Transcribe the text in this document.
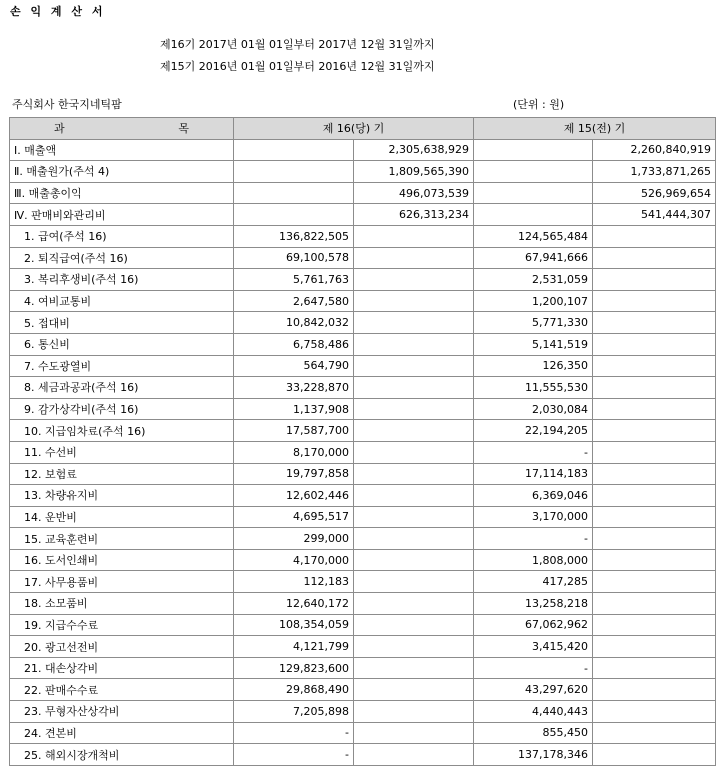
손 익 계 산 서
제16기 2017년 01월 01일부터 2017년 12월 31일까지
제15기 2016년 01월 01일부터 2016년 12월 31일까지
주식회사 한국지네틱팜	(단위 : 원)
과 목	제 16(당) 기		제 15(전) 기	
Ⅰ. 매출액		2,305,638,929		2,260,840,919
Ⅱ. 매출원가(주석 4)		1,809,565,390		1,733,871,265
Ⅲ. 매출총이익		496,073,539		526,969,654
Ⅳ. 판매비와관리비		626,313,234		541,444,307
1. 급여(주석 16)	136,822,505		124,565,484	
2. 퇴직급여(주석 16)	69,100,578		67,941,666	
3. 복리후생비(주석 16)	5,761,763		2,531,059	
4. 여비교통비	2,647,580		1,200,107	
5. 접대비	10,842,032		5,771,330	
6. 통신비	6,758,486		5,141,519	
7. 수도광열비	564,790		126,350	
8. 세금과공과(주석 16)	33,228,870		11,555,530	
9. 감가상각비(주석 16)	1,137,908		2,030,084	
10. 지급임차료(주석 16)	17,587,700		22,194,205	
11. 수선비	8,170,000		-	
12. 보험료	19,797,858		17,114,183	
13. 차량유지비	12,602,446		6,369,046	
14. 운반비	4,695,517		3,170,000	
15. 교육훈련비	299,000		-	
16. 도서인쇄비	4,170,000		1,808,000	
17. 사무용품비	112,183		417,285	
18. 소모품비	12,640,172		13,258,218	
19. 지급수수료	108,354,059		67,062,962	
20. 광고선전비	4,121,799		3,415,420	
21. 대손상각비	129,823,600		-	
22. 판매수수료	29,868,490		43,297,620	
23. 무형자산상각비	7,205,898		4,440,443	
24. 견본비	-		855,450	
25. 해외시장개척비	-		137,178,346	
